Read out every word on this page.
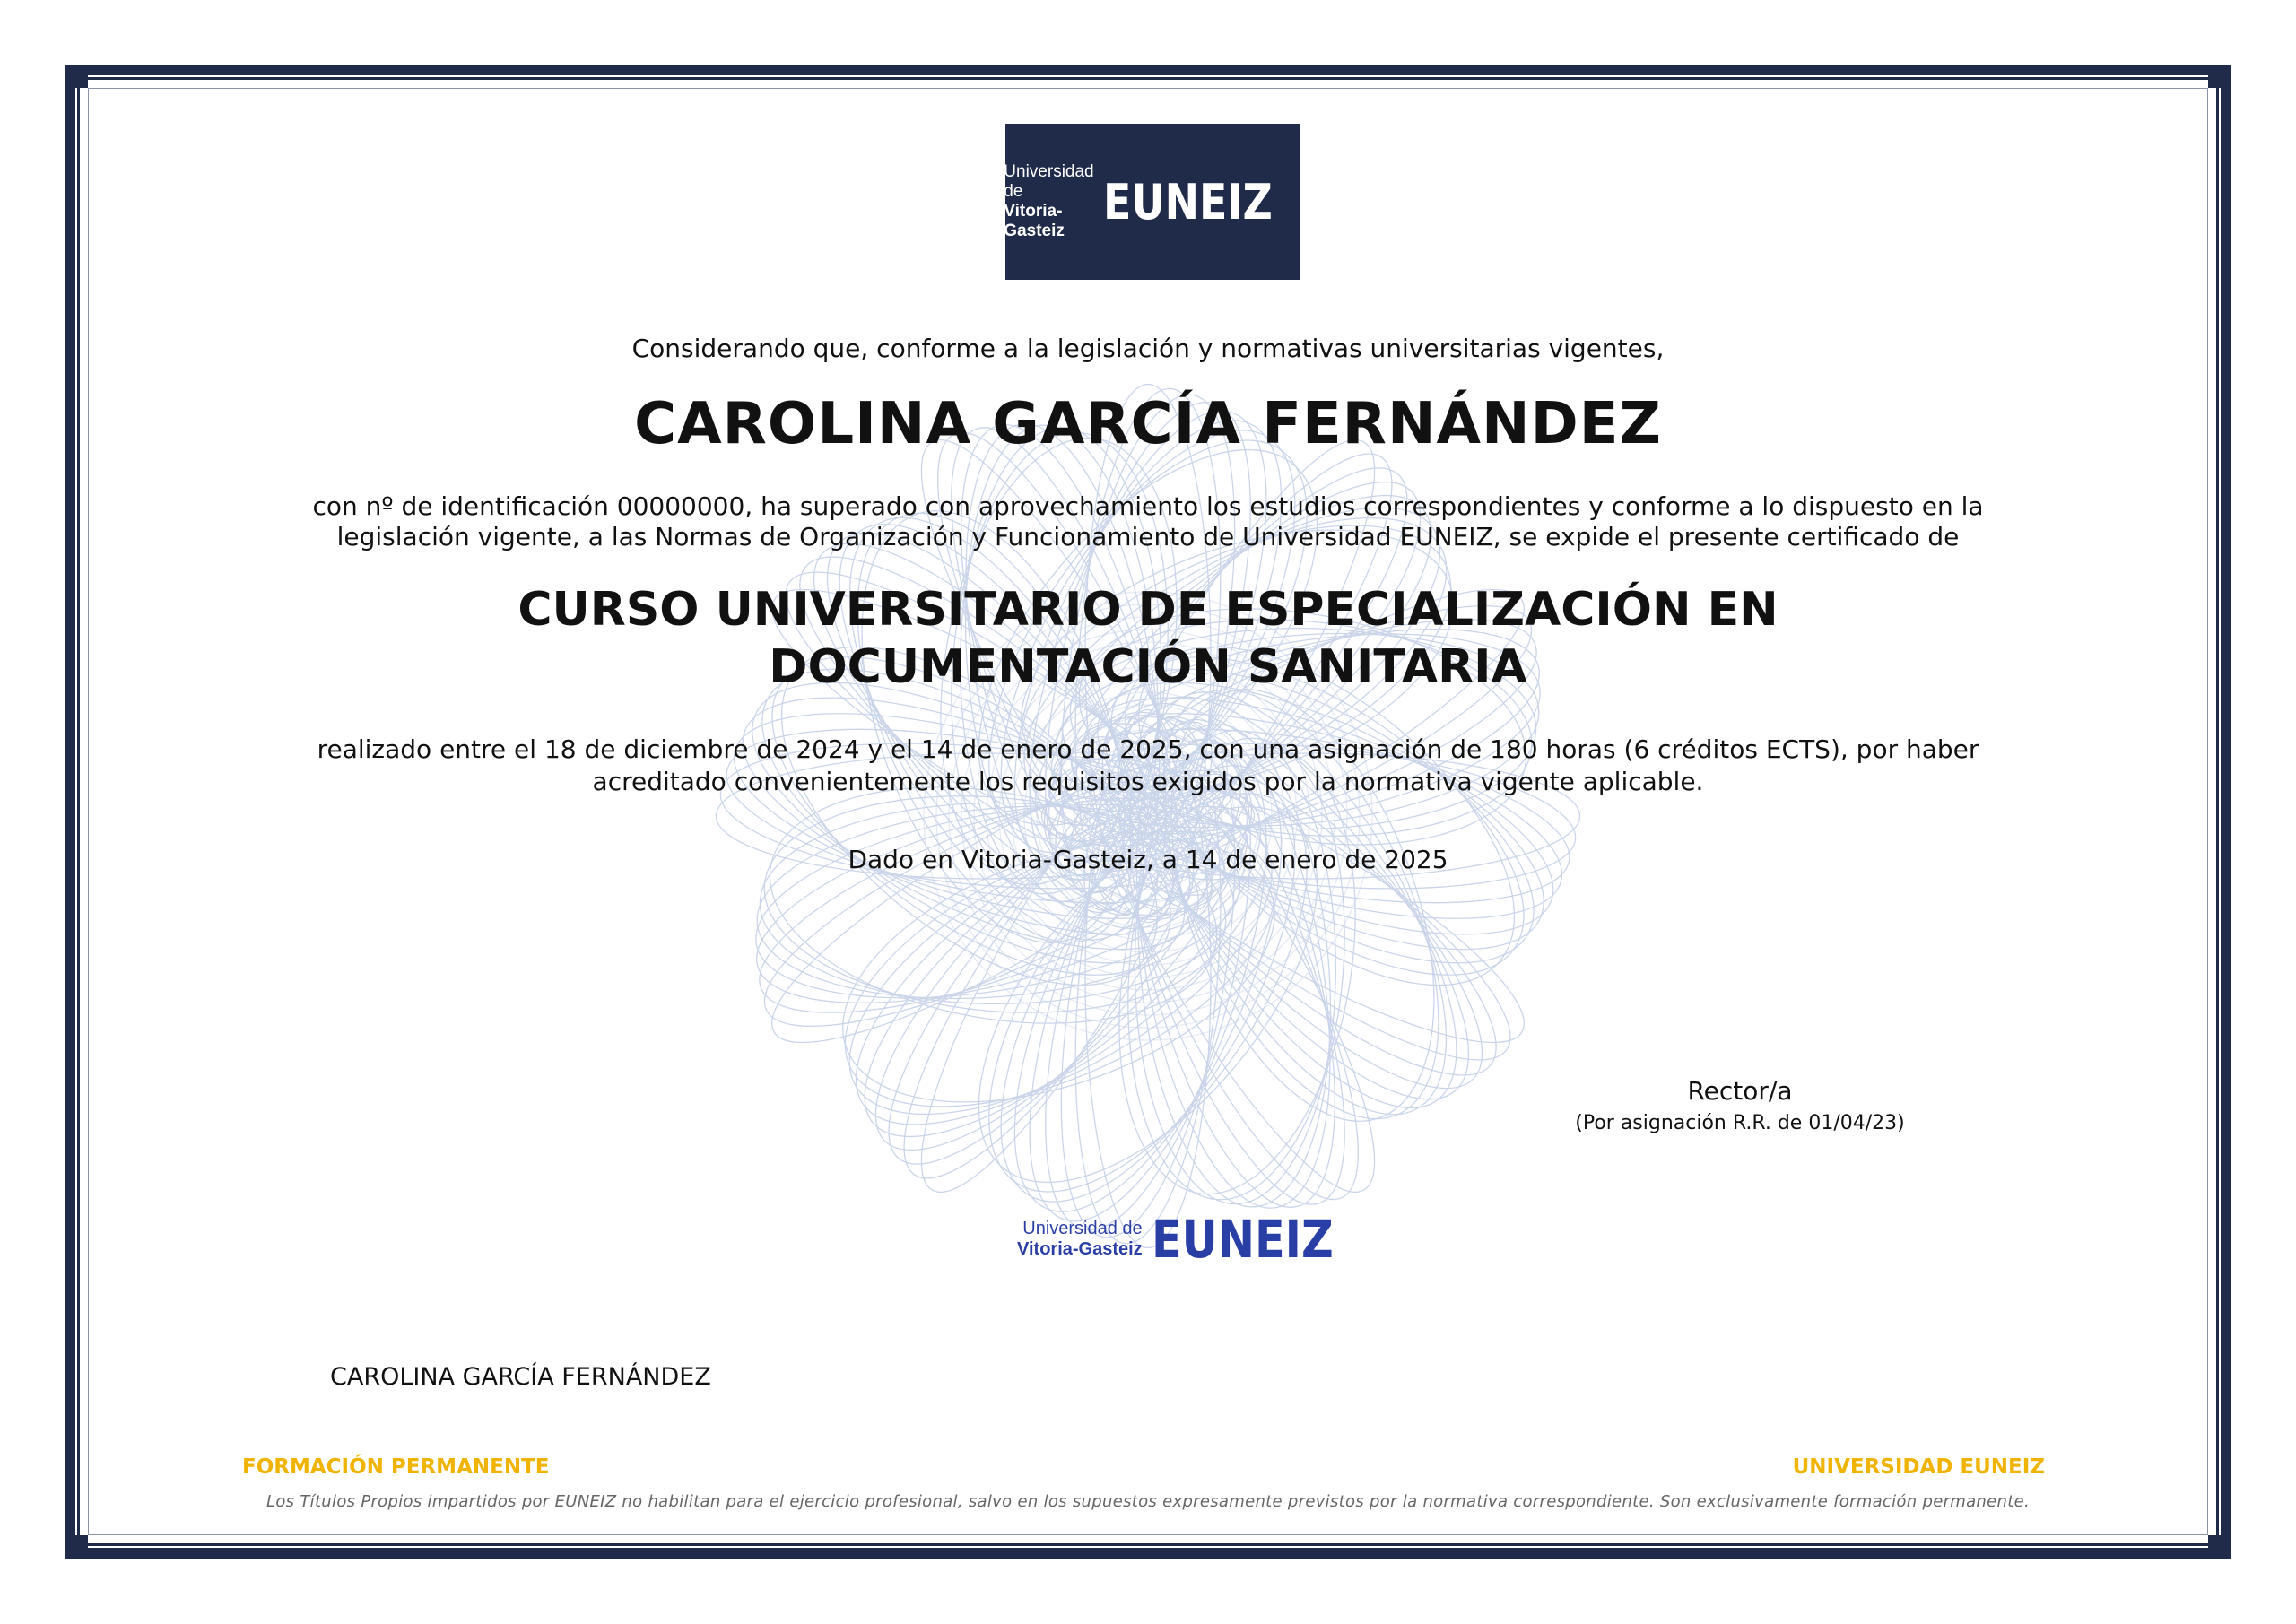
Universidad de
Vitoria-Gasteiz
EUNEIZ
Considerando que, conforme a la legislación y normativas universitarias vigentes,
CAROLINA GARCÍA FERNÁNDEZ
con nº de identificación 00000000, ha superado con aprovechamiento los estudios correspondientes y conforme a lo dispuesto en la legislación vigente, a las Normas de Organización y Funcionamiento de Universidad EUNEIZ, se expide el presente certificado de
CURSO UNIVERSITARIO DE ESPECIALIZACIÓN EN
DOCUMENTACIÓN SANITARIA
realizado entre el 18 de diciembre de 2024 y el 14 de enero de 2025, con una asignación de 180 horas (6 créditos ECTS), por haber acreditado convenientemente los requisitos exigidos por la normativa vigente aplicable.
Dado en Vitoria-Gasteiz, a 14 de enero de 2025
Rector/a
(Por asignación R.R. de 01/04/23)
Universidad de
Vitoria-Gasteiz EUNEIZ
CAROLINA GARCÍA FERNÁNDEZ
FORMACIÓN PERMANENTE	UNIVERSIDAD EUNEIZ
Los Títulos Propios impartidos por EUNEIZ no habilitan para el ejercicio profesional, salvo en los supuestos expresamente previstos por la normativa correspondiente. Son exclusivamente formación permanente.
